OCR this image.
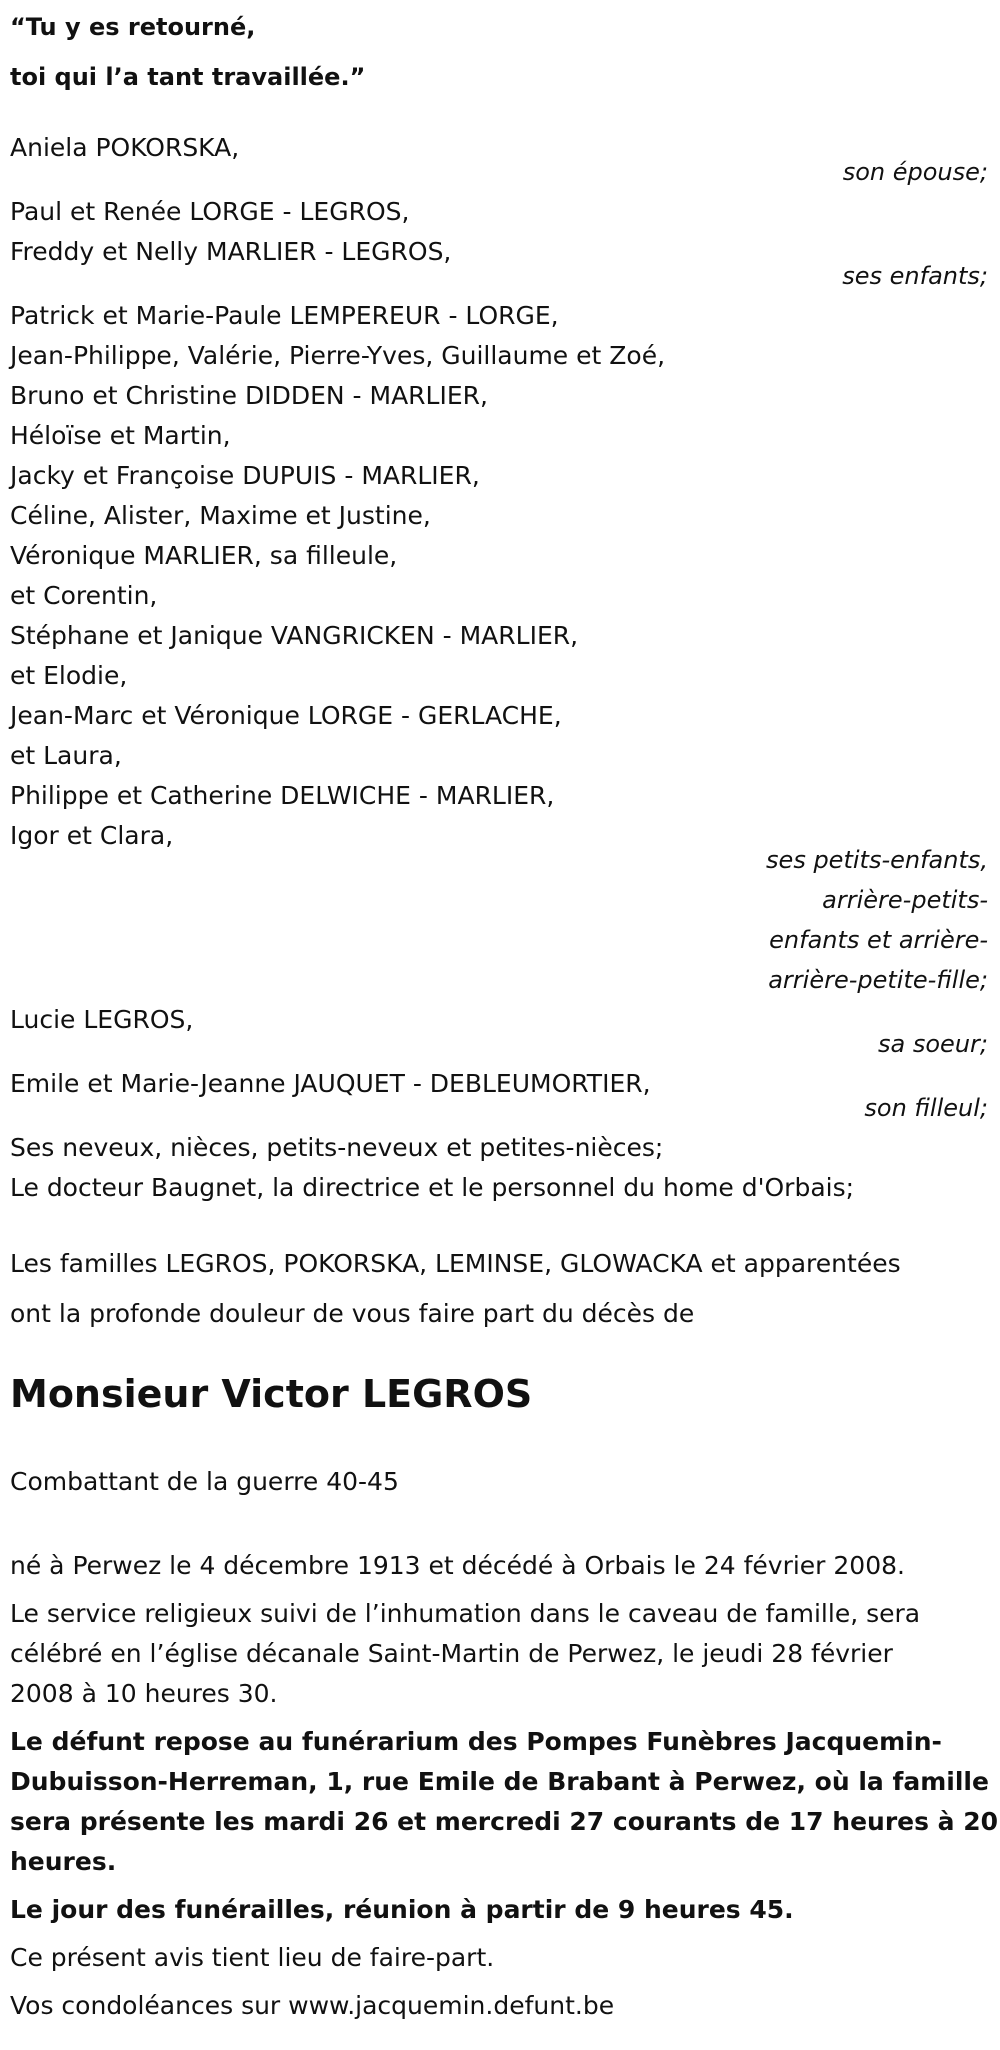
“Tu y es retourné,
toi qui l’a tant travaillée.”
Aniela POKORSKA,
son épouse;
Paul et Renée LORGE - LEGROS,
Freddy et Nelly MARLIER - LEGROS,
ses enfants;
Patrick et Marie-Paule LEMPEREUR - LORGE,
Jean-Philippe, Valérie, Pierre-Yves, Guillaume et Zoé,
Bruno et Christine DIDDEN - MARLIER,
Héloïse et Martin,
Jacky et Françoise DUPUIS - MARLIER,
Céline, Alister, Maxime et Justine,
Véronique MARLIER, sa filleule,
et Corentin,
Stéphane et Janique VANGRICKEN - MARLIER,
et Elodie,
Jean-Marc et Véronique LORGE - GERLACHE,
et Laura,
Philippe et Catherine DELWICHE - MARLIER,
Igor et Clara,
ses petits-enfants,
arrière-petits-
enfants et arrière-
arrière-petite-fille;
Lucie LEGROS,
sa soeur;
Emile et Marie-Jeanne JAUQUET - DEBLEUMORTIER,
son filleul;
Ses neveux, nièces, petits-neveux et petites-nièces;
Le docteur Baugnet, la directrice et le personnel du home d'Orbais;
Les familles LEGROS, POKORSKA, LEMINSE, GLOWACKA et apparentées
ont la profonde douleur de vous faire part du décès de
Monsieur Victor LEGROS
Combattant de la guerre 40-45
né à Perwez le 4 décembre 1913 et décédé à Orbais le 24 février 2008.
Le service religieux suivi de l’inhumation dans le caveau de famille, sera
célébré en l’église décanale Saint-Martin de Perwez, le jeudi 28 février
2008 à 10 heures 30.
Le défunt repose au funérarium des Pompes Funèbres Jacquemin-
Dubuisson-Herreman, 1, rue Emile de Brabant à Perwez, où la famille
sera présente les mardi 26 et mercredi 27 courants de 17 heures à 20
heures.
Le jour des funérailles, réunion à partir de 9 heures 45.
Ce présent avis tient lieu de faire-part.
Vos condoléances sur www.jacquemin.defunt.be
